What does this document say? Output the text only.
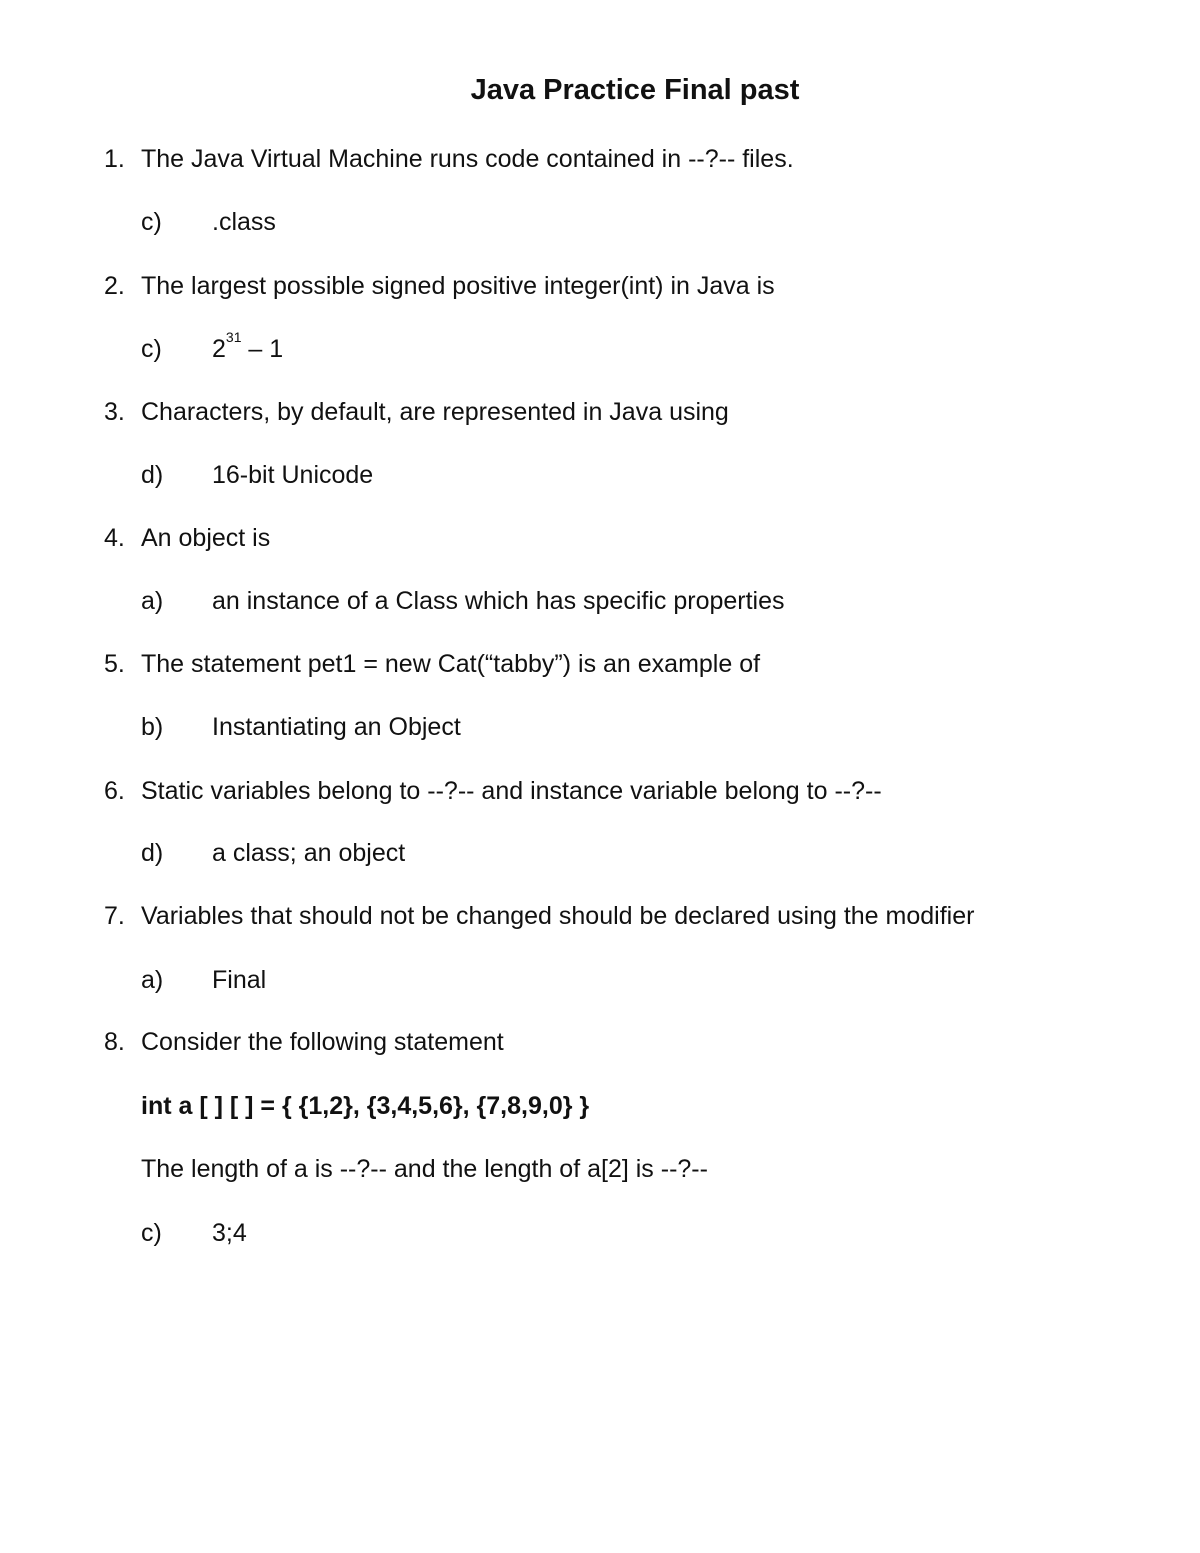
Java Practice Final past
1. The Java Virtual Machine runs code contained in --?-- files.
c) .class
2. The largest possible signed positive integer(int) in Java is
c) $2^{31} - 1$
3. Characters, by default, are represented in Java using
d) 16-bit Unicode
4. An object is
a) an instance of a Class which has specific properties
5. The statement pet1 = new Cat(“tabby”) is an example of
b) Instantiating an Object
6. Static variables belong to --?-- and instance variable belong to --?--
d) a class; an object
7. Variables that should not be changed should be declared using the modifier
a) Final
8. Consider the following statement
int a [ ] [ ] = { {1,2}, {3,4,5,6}, {7,8,9,0} }
The length of a is --?-- and the length of a[2] is --?--
c) 3;4
